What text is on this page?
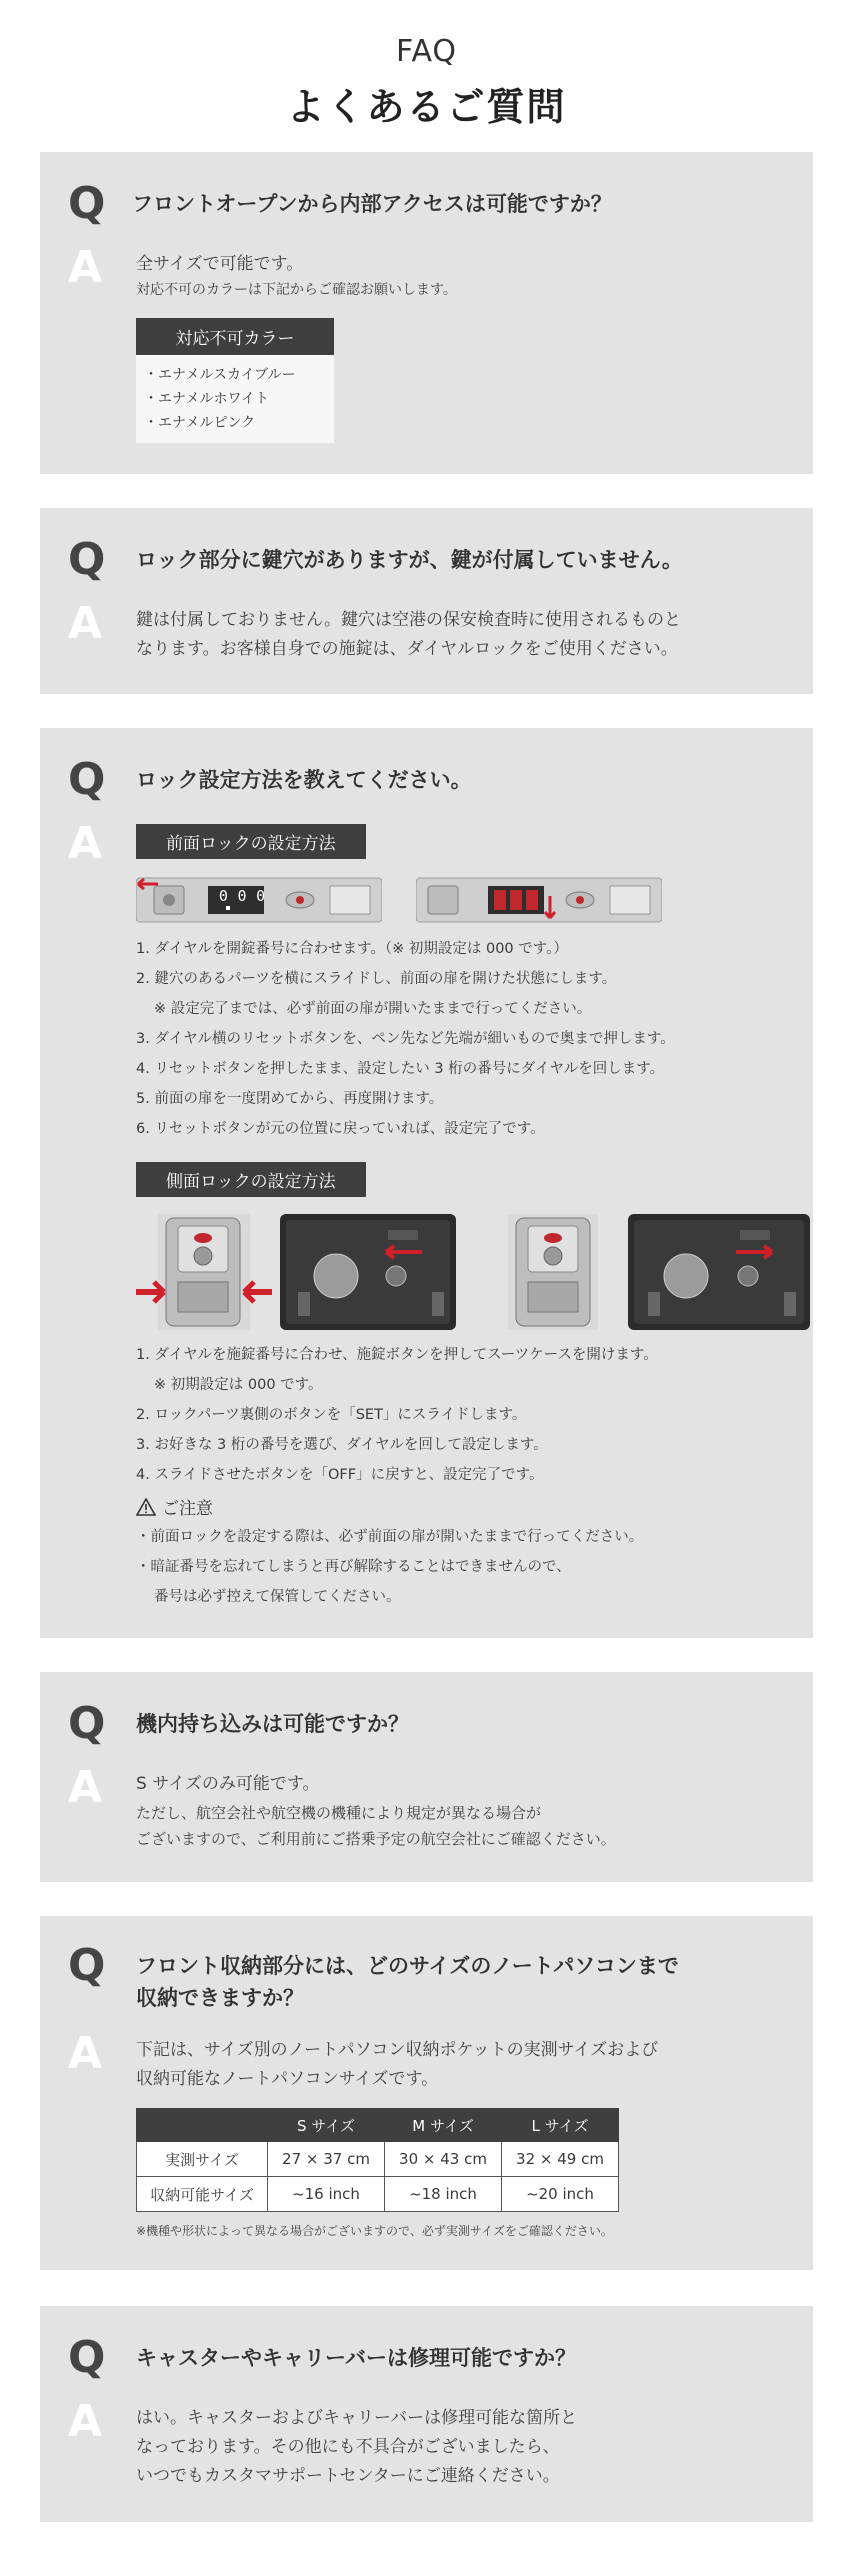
FAQ
よくあるご質問
Q フロントオープンから内部アクセスは可能ですか？
A 全サイズで可能です。
対応不可のカラーは下記からご確認お願いします。
対応不可カラー
・エナメルスカイブルー
・エナメルホワイト
・エナメルピンク
Q ロック部分に鍵穴がありますが、鍵が付属していません。
A 鍵は付属しておりません。鍵穴は空港の保安検査時に使用されるものと
なります。お客様自身での施錠は、ダイヤルロックをご使用ください。
Q ロック設定方法を教えてください。
A	前面ロックの設定方法
0 0 0
1. ダイヤルを開錠番号に合わせます。（※ 初期設定は 000 です。）
2. 鍵穴のあるパーツを横にスライドし、前面の扉を開けた状態にします。
※ 設定完了までは、必ず前面の扉が開いたままで行ってください。
3. ダイヤル横のリセットボタンを、ペン先など先端が細いもので奥まで押します。
4. リセットボタンを押したまま、設定したい 3 桁の番号にダイヤルを回します。
5. 前面の扉を一度閉めてから、再度開けます。
6. リセットボタンが元の位置に戻っていれば、設定完了です。
側面ロックの設定方法
1. ダイヤルを施錠番号に合わせ、施錠ボタンを押してスーツケースを開けます。
※ 初期設定は 000 です。
2. ロックパーツ裏側のボタンを「SET」にスライドします。
3. お好きな 3 桁の番号を選び、ダイヤルを回して設定します。
4. スライドさせたボタンを「OFF」に戻すと、設定完了です。
ご注意
・前面ロックを設定する際は、必ず前面の扉が開いたままで行ってください。
・暗証番号を忘れてしまうと再び解除することはできませんので、
番号は必ず控えて保管してください。
Q 機内持ち込みは可能ですか？
A S サイズのみ可能です。
ただし、航空会社や航空機の機種により規定が異なる場合が
ございますので、ご利用前にご搭乗予定の航空会社にご確認ください。
Q フロント収納部分には、どのサイズのノートパソコンまで
収納できますか？
A 下記は、サイズ別のノートパソコン収納ポケットの実測サイズおよび
収納可能なノートパソコンサイズです。
	S サイズ	M サイズ	L サイズ
実測サイズ	27 × 37 cm	30 × 43 cm	32 × 49 cm
収納可能サイズ	~16 inch	~18 inch	~20 inch
※機種や形状によって異なる場合がございますので、必ず実測サイズをご確認ください。
Q キャスターやキャリーバーは修理可能ですか？
A はい。キャスターおよびキャリーバーは修理可能な箇所と
なっております。その他にも不具合がございましたら、
いつでもカスタマサポートセンターにご連絡ください。
